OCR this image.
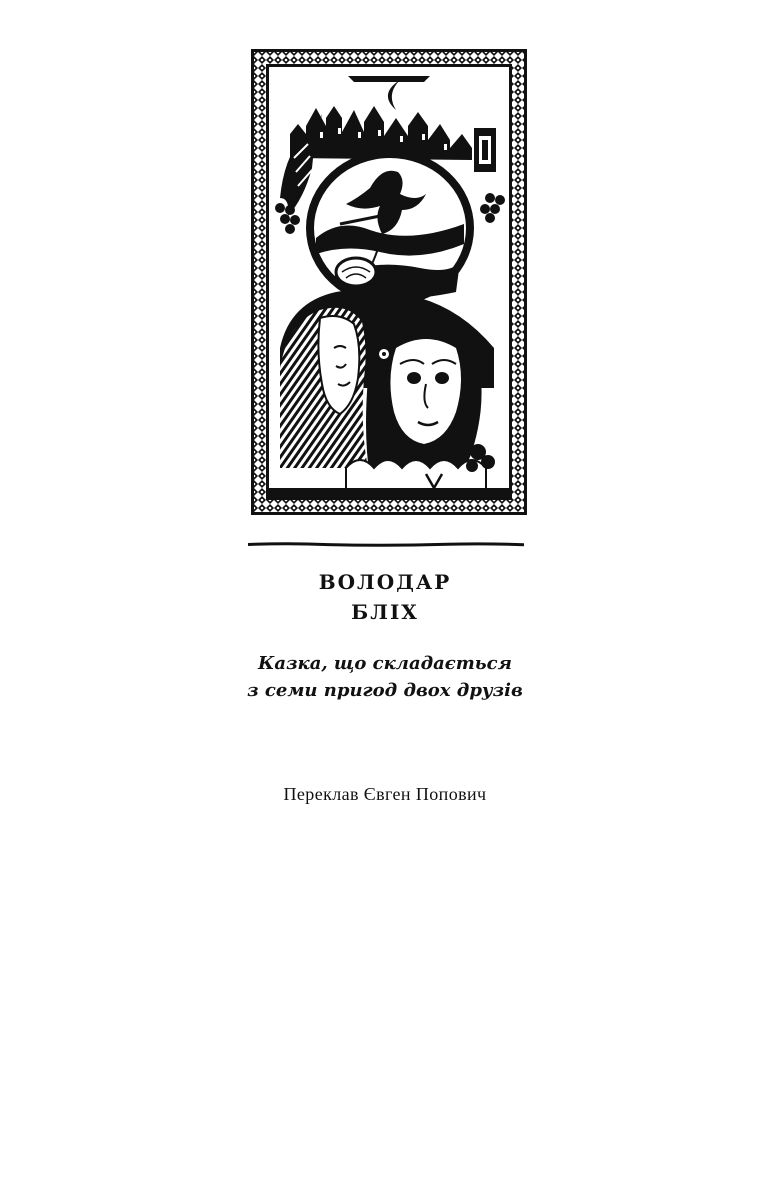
ВОЛОДАР
БЛІХ
Казка, що складається
з семи пригод двох друзів
Переклав Євген Попович
